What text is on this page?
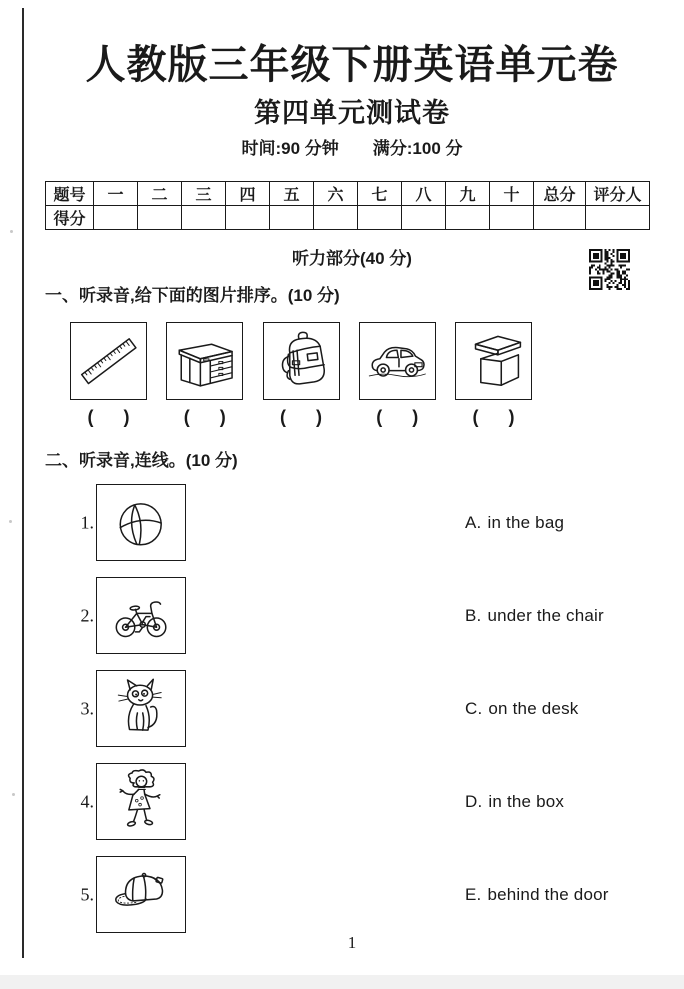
人教版三年级下册英语单元卷
第四单元测试卷
时间:90 分钟 满分:100 分
题号	一	二	三	四	五	六	七	八	九	十	总分	评分人
得分												
听力部分(40 分)
一、听录音,给下面的图片排序。(10 分)
( )	( )	( )	( )	( )
二、听录音,连线。(10 分)
1.	A. in the bag
2.	B. under the chair
3.	C. on the desk
4.	D. in the box
5.	E. behind the door
1
